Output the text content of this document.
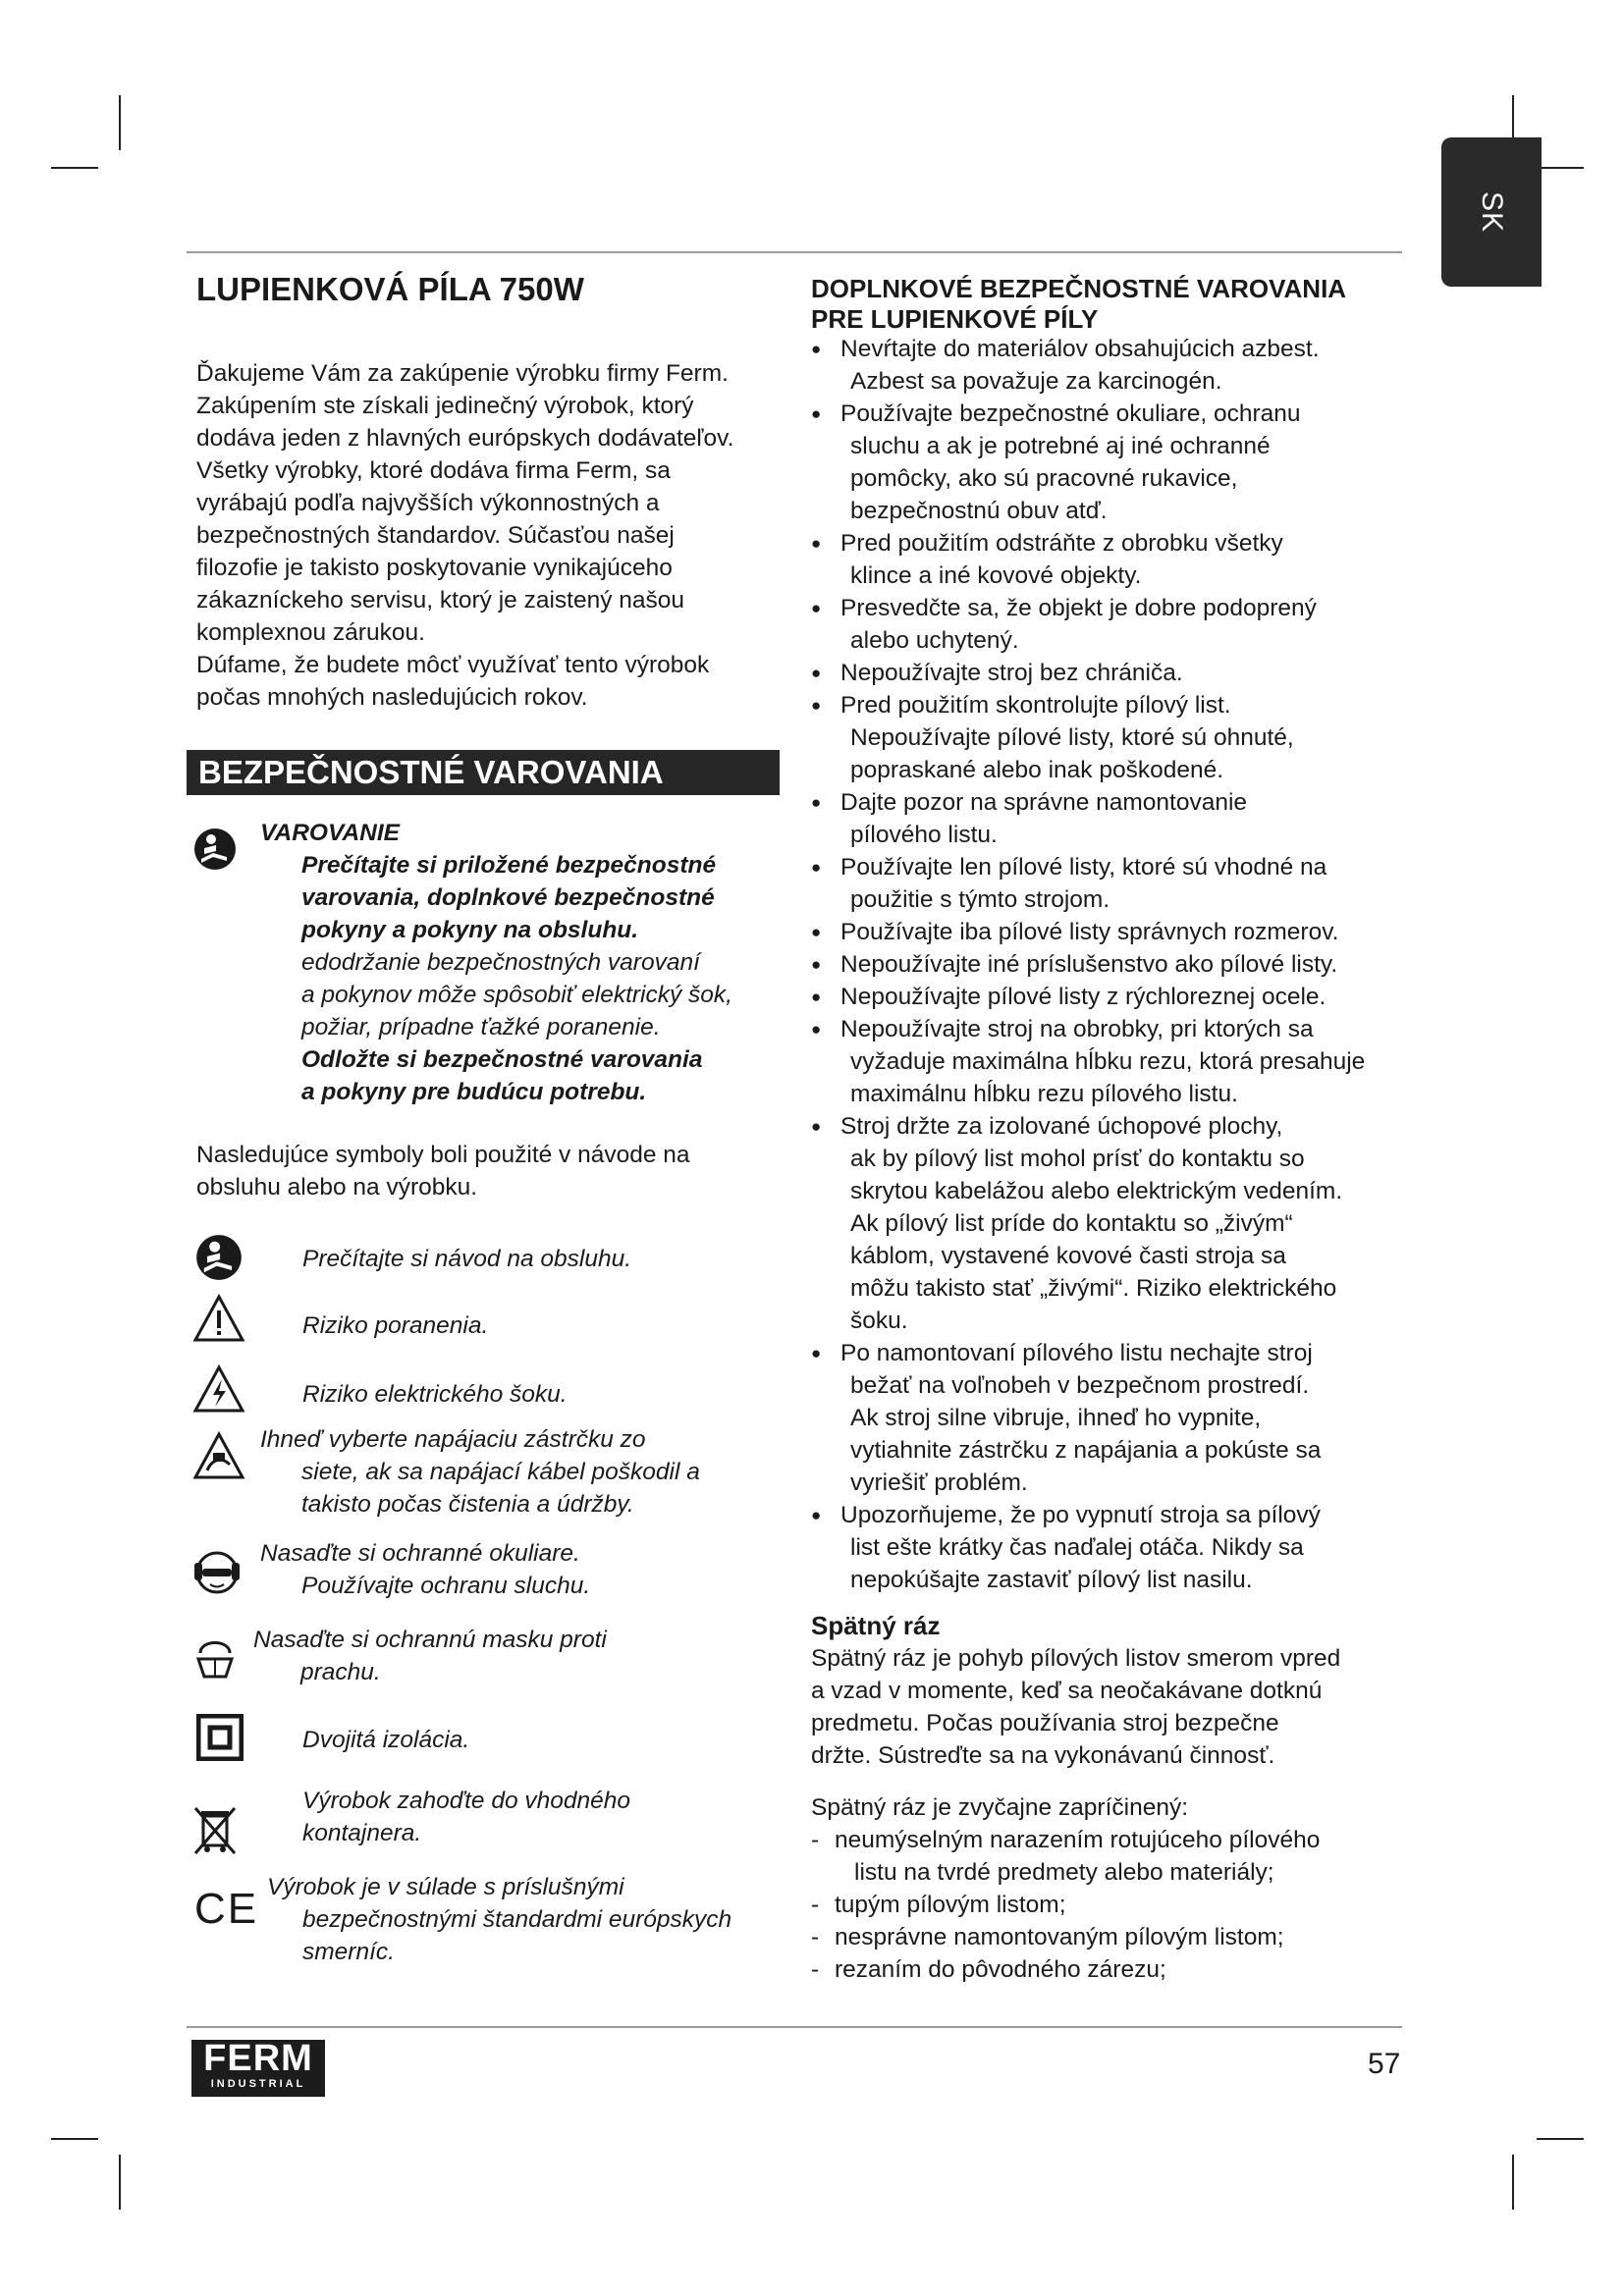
SK
LUPIENKOVÁ PÍLA 750W

Ďakujeme Vám za zakúpenie výrobku firmy Ferm.

Zakúpením ste získali jedinečný výrobok, ktorý

dodáva jeden z hlavných európskych dodávateľov.

Všetky výrobky, ktoré dodáva firma Ferm, sa

vyrábajú podľa najvyšších výkonnostných a

bezpečnostných štandardov. Súčasťou našej

filozofie je takisto poskytovanie vynikajúceho

zákazníckeho servisu, ktorý je zaistený našou

komplexnou zárukou.

Dúfame, že budete môcť využívať tento výrobok

počas mnohých nasledujúcich rokov.

BEZPEČNOSTNÉ VAROVANIA

VAROVANIE

Prečítajte si priložené bezpečnostné

varovania, doplnkové bezpečnostné

pokyny a pokyny na obsluhu.

edodržanie bezpečnostných varovaní

a pokynov môže spôsobiť elektrický šok,

požiar, prípadne ťažké poranenie.

Odložte si bezpečnostné varovania

a pokyny pre budúcu potrebu.

Nasledujúce symboly boli použité v návode na

obsluhu alebo na výrobku.

Prečítajte si návod na obsluhu.
Riziko poranenia.
Riziko elektrického šoku.

Ihneď vyberte napájaciu zástrčku zo

siete, ak sa napájací kábel poškodil a

takisto počas čistenia a údržby.

Nasaďte si ochranné okuliare.

Používajte ochranu sluchu.

Nasaďte si ochrannú masku proti

prachu.

Dvojitá izolácia.

Výrobok zahoďte do vhodného

kontajnera.

CE Výrobok je v súlade s príslušnými

bezpečnostnými štandardmi európskych

smerníc.

DOPLNKOVÉ BEZPEČNOSTNÉ VAROVANIA

PRE LUPIENKOVÉ PÍLY

● Nevŕtajte do materiálov obsahujúcich azbest.
Azbest sa považuje za karcinogén.
● Používajte bezpečnostné okuliare, ochranu
sluchu a ak je potrebné aj iné ochranné
pomôcky, ako sú pracovné rukavice,
bezpečnostnú obuv atď.
● Pred použitím odstráňte z obrobku všetky
klince a iné kovové objekty.
● Presvedčte sa, že objekt je dobre podoprený
alebo uchytený.
● Nepoužívajte stroj bez chrániča.
● Pred použitím skontrolujte pílový list.
Nepoužívajte pílové listy, ktoré sú ohnuté,
popraskané alebo inak poškodené.
● Dajte pozor na správne namontovanie
pílového listu.
● Používajte len pílové listy, ktoré sú vhodné na
použitie s týmto strojom.
● Používajte iba pílové listy správnych rozmerov.
● Nepoužívajte iné príslušenstvo ako pílové listy.
● Nepoužívajte pílové listy z rýchloreznej ocele.
● Nepoužívajte stroj na obrobky, pri ktorých sa
vyžaduje maximálna hĺbku rezu, ktorá presahuje
maximálnu hĺbku rezu pílového listu.
● Stroj držte za izolované úchopové plochy,
ak by pílový list mohol prísť do kontaktu so
skrytou kabelážou alebo elektrickým vedením.
Ak pílový list príde do kontaktu so „živým“
káblom, vystavené kovové časti stroja sa
môžu takisto stať „živými“. Riziko elektrického
šoku.
● Po namontovaní pílového listu nechajte stroj
bežať na voľnobeh v bezpečnom prostredí.
Ak stroj silne vibruje, ihneď ho vypnite,
vytiahnite zástrčku z napájania a pokúste sa
vyriešiť problém.
● Upozorňujeme, že po vypnutí stroja sa pílový
list ešte krátky čas naďalej otáča. Nikdy sa
nepokúšajte zastaviť pílový list nasilu.

Spätný ráz

Spätný ráz je pohyb pílových listov smerom vpred

a vzad v momente, keď sa neočakávane dotknú

predmetu. Počas používania stroj bezpečne

držte. Sústreďte sa na vykonávanú činnosť.

Spätný ráz je zvyčajne zapríčinený:

- neumýselným narazením rotujúceho pílového
listu na tvrdé predmety alebo materiály;
- tupým pílovým listom;
- nesprávne namontovaným pílovým listom;
- rezaním do pôvodného zárezu;
FERM
INDUSTRIAL
57
